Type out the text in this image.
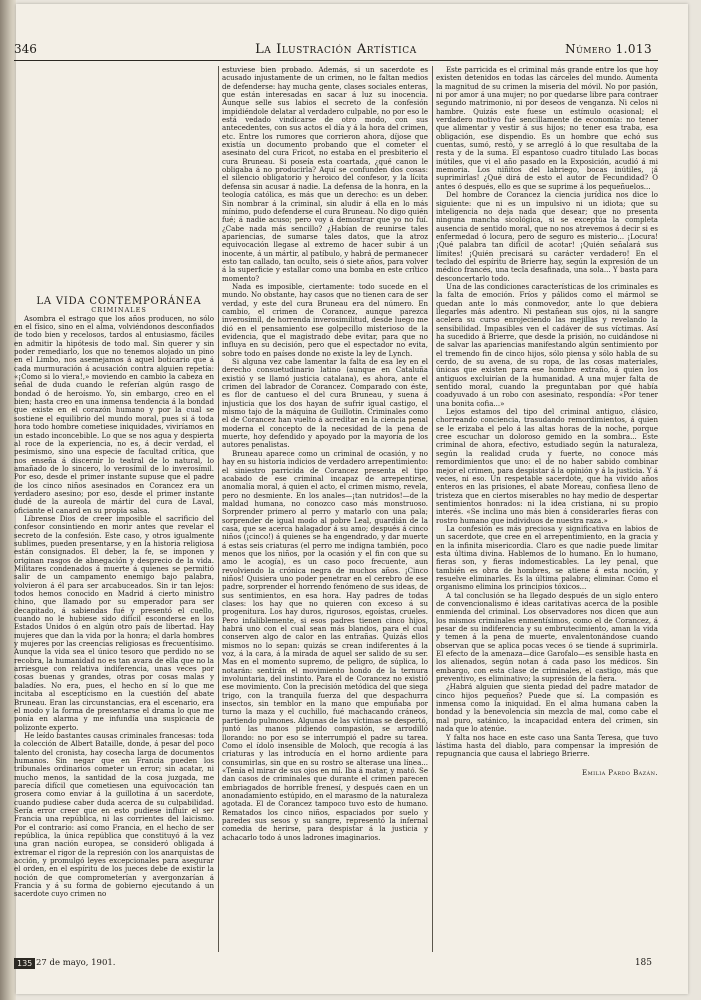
346	La Ilustración Artística	Número 1.013

LA VIDA CONTEMPORÁNEA

CRIMINALES

Asombra el estrago que los años producen, no sólo en el físico, sino en el alma, volviéndonos desconfiados de todo bien y recelosos, tardos al entusiasmo, fáciles en admitir la hipótesis de todo mal. Sin querer y sin poder remediarlo, los que no tenemos alojado un pino en el Limbo, nos asemejamos á aquel boticario que á cada murmuración á acusación contra alguien repetía: «¡Como si lo viera!,» moviendo en cambio la cabeza en señal de duda cuando le referían algún rasgo de bondad ó de heroísmo. Yo, sin embargo, creo en el bien; hasta creo en una inmensa tendencia á la bondad que existe en el corazón humano y por la cual se sostiene el equilibrio del mundo moral, pues si á toda hora todo hombre cometiese iniquidades, viviríamos en un estado inconcebible. Lo que se nos agua y despierta al roce de la experiencia, no es, á decir verdad, el pesimismo, sino una especie de facultad crítica, que nos enseña á discernir lo teatral de lo natural, lo amañado de lo sincero, lo verosímil de lo inverosímil. Por eso, desde el primer instante supuse que el padre de los cinco niños asesinados en Corancez era un verdadero asesino; por eso, desde el primer instante dudé de la aureola de mártir del cura de Laval, oficiante el canard en su propia salsa.

Líbrense Dios de creer imposible el sacrificio del confesor consintiendo en morir antes que revelar el secreto de la confesión. Este caso, y otros igualmente sublimes, pueden presentarse, y en la historia religiosa están consignados. El deber, la fe, se imponen y originan rasgos de abnegación y desprecio de la vida. Militares condenados á muerte á quienes se permitió salir de un campamento enemigo bajo palabra, volvieron á él para ser arcabuceados. Sin ir tan lejos: todos hemos conocido en Madrid á cierto ministro chino, que llamado por su emperador para ser decapitado, á sabiendas fué y presentó el cuello, cuando no le hubiese sido difícil esconderse en los Estados Unidos ó en algún otro país de libertad. Hay mujeres que dan la vida por la honra; el darla hombres y mujeres por las creencias religiosas es frecuentísimo. Aunque la vida sea el único tesoro que perdido no se recobra, la humanidad no es tan avara de ella que no la arriesgue con relativa indiferencia, unas veces por cosas buenas y grandes, otras por cosas malas y baladíes. No era, pues, el hecho en sí lo que me incitaba al escepticismo en la cuestión del abate Bruneau. Eran las circunstancias, era el escenario, era el modo y la forma de presentarse el drama lo que me ponía en alarma y me infundía una suspicacia de polizonte experto.

He leído bastantes causas criminales francesas: toda la colección de Albert Bataille, donde, á pesar del poco talento del cronista, hay cosecha larga de documentos humanos. Sin negar que en Francia pueden los tribunales ordinarios cometer un error; sin acatar, ni mucho menos, la santidad de la cosa juzgada, me parecía difícil que cometiesen una equivocación tan grosera como enviar á la guillotina á un sacerdote, cuando pudiese caber duda acerca de su culpabilidad. Sería error creer que en esto pudiese influir el ser Francia una república, ni las corrientes del laicismo. Por el contrario: así como Francia, en el hecho de ser república, la única república que constituyó á la vez una gran nación europea, se consideró obligada á extremar el rigor de la represión con los anarquistas de acción, y promulgó leyes excepcionales para asegurar el orden, en el espíritu de los jueces debe de existir la noción de que comprometerían y avergonzarían á Francia y á su forma de gobierno ejecutando á un sacerdote cuyo crimen no

estuviese bien probado. Además, si un sacerdote es acusado injustamente de un crimen, no le faltan medios de defenderse: hay mucha gente, clases sociales enteras, que están interesadas en sacar á luz su inocencia. Aunque selle sus labios el secreto de la confesión impidiéndole delatar al verdadero culpable, no por eso le está vedado vindicarse de otro modo, con sus antecedentes, con sus actos el día y á la hora del crimen, etc. Entre los rumores que corrieron ahora, díjose que existía un documento probando que el cometer el asesinato del cura Fricot, no estaba en el presbiterio el cura Bruneau. Si poseía esta coartada, ¿qué canon le obligaba á no producirla? Aquí se confunden dos cosas: el silencio obligatorio y heroico del confesor, y la lícita defensa sin acusar á nadie. La defensa de la honra, en la teología católica, es más que un derecho: es un deber. Sin nombrar á la criminal, sin aludir á ella en lo más mínimo, pudo defenderse el cura Bruneau. No digo quién fué; á nadie acuso; pero voy á demostrar que yo no fuí. ¿Cabe nada más sencillo? ¿Habían de reunirse tales apariencias, de sumarse tales datos, que la atroz equivocación llegase al extremo de hacer subir á un inocente, á un mártir, al patíbulo, y habrá de permanecer esto tan callado, tan oculto, seis ó siete años, para volver á la superficie y estallar como una bomba en este crítico momento?

Nada es imposible, ciertamente: todo sucede en el mundo. No obstante, hay casos que no tienen cara de ser verdad, y este del cura Bruneau era del número. En cambio, el crimen de Corancez, aunque parezca inverosímil, de horrenda inverosimilitud, desde luego me dió en el pensamiento ese golpecillo misterioso de la evidencia, que el magistrado debe evitar, para que no influya en su decisión, pero que el espectador no evita, sobre todo en países donde no existe la ley de Lynch.

Si alguna vez cabe lamentar la falta de esa ley en el derecho consuetudinario latino (aunque en Cataluña existió y se llamó justicia catalana), es ahora, ante el crimen del labrador de Corancez. Comparado con éste, es flor de cantueso el del cura Bruneau, y suena á injusticia que los dos hayan de sufrir igual castigo, el mismo tajo de la máquina de Guillotin. Criminales como el de Corancez han vuelto á acreditar en la ciencia penal moderna el concepto de la necesidad de la pena de muerte, hoy defendido y apoyado por la mayoría de los autores penalistas.

Bruneau aparece como un criminal de ocasión, y no hay en su historia indicios de verdadero arrepentimiento: el siniestro parricida de Corancez presenta el tipo acabado de ese criminal incapaz de arrepentirse, anomalía moral, á quien el acto, el crimen mismo, revela, pero no desmiente. En los anales—¡tan nutridos!—de la maldad humana, no conozco caso más monstruoso. Sorprender primero al perro y matarlo con una pala; sorprender de igual modo al pobre Leal, guardián de la casa, que se acerca halagador á su amo; después á cinco niños (¡cinco!) á quienes se ha engendrado, y dar muerte á estas seis criaturas (el perro me indigna también, poco menos que los niños, por la ocasión y el fin con que su amo le acogía), es un caso poco frecuente, aun revolviendo la crónica negra de muchos años. ¡Cinco niños! Quisiera uno poder penetrar en el cerebro de ese padre, sorprender el horrendo fenómeno de sus ideas, de sus sentimientos, en esa hora. Hay padres de todas clases: los hay que no quieren con exceso á su progenitura. Los hay duros, rigurosos, egoístas, crueles. Pero infaliblemente, si esos padres tienen cinco hijos, habrá uno con el cual sean más blandos, para el cual conserven algo de calor en las entrañas. Quizás ellos mismos no lo sepan: quizás se crean indiferentes á la voz, á la cara, á la mirada de aquel ser salido de su ser. Mas en el momento supremo, de peligro, de súplica, lo notarán: sentirán el movimiento hondo de la ternura involuntaria, del instinto. Para el de Corancez no existió ese movimiento. Con la precisión metódica del que siega trigo, con la tranquila fuerza del que despachurra insectos, sin temblor en la mano que empuñaba por turno la maza y el cuchillo, fué machacando cráneos, partiendo pulmones. Algunas de las víctimas se despertó, juntó las manos pidiendo compasión, se arrodilló llorando: no por eso se interrumpió el padre su tarea. Como el ídolo insensible de Moloch, que recogía á las criaturas y las introducía en el horno ardiente para consumirlas, sin que en su rostro se alterase una línea... «Tenía el mirar de sus ojos en mí. Iba á matar, y mató. Se dan casos de criminales que durante el crimen parecen embriagados de horrible frenesí, y después caen en un anonadamiento estúpido, en el marasmo de la naturaleza agotada. El de Corancez tampoco tuvo esto de humano. Rematados los cinco niños, espaciados por suelo y paredes sus sesos y su sangre, representó la infernal comedia de herirse, para despistar á la justicia y achacarlo todo á unos ladrones imaginarios.

Este parricida es el criminal más grande entre los que hoy existen detenidos en todas las cárceles del mundo. Aumenta la magnitud de su crimen la miseria del móvil. No por pasión, ni por amor á una mujer; no por quedarse libre para contraer segundo matrimonio, ni por deseos de venganza. Ni celos ni hambre. Quizás este fuese un estímulo ocasional; el verdadero motivo fué sencillamente de economía: no tener que alimentar y vestir á sus hijos; no tener esa traba, esa obligación, ese dispendio. Es un hombre que echó sus cuentas, sumó, restó, y se arregló á lo que resultaba de la resta y de la suma. El espantoso cuadro titulado Las bocas inútiles, que vi el año pasado en la Exposición, acudió á mi memoria. Los niñitos del labriego, bocas inútiles, ¡á suprimirlas! ¿Qué dirá de esto el autor de Fecundidad? O antes ó después, ello es que se suprime á los pequeñuelos...

Del hombre de Corancez la ciencia jurídica nos dice lo siguiente: que ni es un impulsivo ni un idiota; que su inteligencia no deja nada que desear; que no presenta ninguna mancha sicológica, si se exceptúa la completa ausencia de sentido moral, que no nos atrevemos á decir si es enfermedad ó locura, pero de seguro es misterio... ¡Locura! ¡Qué palabra tan difícil de acotar! ¡Quién señalará sus límites! ¡Quién precisará su carácter verdadero! En el teclado del espíritu de Brierre hay, según la expresión de un médico francés, una tecla desafinada, una sola... Y basta para desconcertarlo todo.

Una de las condiciones características de los criminales es la falta de emoción. Fríos y pálidos como el mármol se quedan ante lo más conmovedor, ante lo que debiera llegarles más adentro. Ni pestañean sus ojos, ni la sangre acelera su curso enrojeciendo las mejillas y revelando la sensibilidad. Impasibles ven el cadáver de sus víctimas. Así ha sucedido á Brierre, que desde la prisión, no cuidándose ni de salvar las apariencias manifestando algún sentimiento por el tremendo fin de cinco hijos, sólo piensa y sólo habla de su cerdo, de su avena, de su ropa, de las cosas materiales, únicas que existen para ese hombre extraño, á quien los antiguos excluirían de la humanidad. A una mujer falta de sentido moral, cuando la preguntaban por qué había coadyuvado á un robo con asesinato, respondía: «Por tener una bonita cofia...»

Lejos estamos del tipo del criminal antiguo, clásico, chorreando conciencia, trasudando remordimientos, á quien se le erizaba el pelo á las altas horas de la noche, porque cree escuchar un doloroso gemido en la sombra... Este criminal de ahora, efectivo, estudiado según la naturaleza, según la realidad cruda y fuerte, no conoce más remordimientos que uno: el de no haber sabido combinar mejor el crimen, para despistar á la opinión y á la justicia. Y á veces, ni eso. Un respetable sacerdote, que ha vivido años enteros en las prisiones, el abate Moreau, confiesa lleno de tristeza que en ciertos miserables no hay medio de despertar sentimientos honrados: ni la idea cristiana, ni su propio interés. «Se inclina uno más bien á considerarles fieras con rostro humano que individuos de nuestra raza.»

La confesión es más preciosa y significativa en labios de un sacerdote, que cree en el arrepentimiento, en la gracia y en la infinita misericordia. Claro es que nadie puede limitar esta última divina. Hablemos de lo humano. En lo humano, fieras son, y fieras indomesticables. La ley penal, que también es obra de hombres, se atiene á esta noción, y resuelve eliminarles. Es la última palabra; eliminar. Como el organismo elimina los principios tóxicos...

A tal conclusión se ha llegado después de un siglo entero de convencionalismo é ideas caritativas acerca de la posible enmienda del criminal. Los observadores nos dicen que aun los mismos criminales enmentísimos, como el de Corancez, á pesar de su indiferencia y su embrutecimiento, aman la vida y temen á la pena de muerte, envalentonándose cuando observan que se aplica pocas veces ó se tiende á suprimirla. El efecto de la amenaza—dice Garofalo—es sensible hasta en los alienados, según notan á cada paso los médicos. Sin embargo, con esta clase de criminales, el castigo, más que preventivo, es eliminativo; la supresión de la fiera.

¿Habrá alguien que sienta piedad del padre matador de cinco hijos pequeños? Puede que sí. La compasión es inmensa como la iniquidad. En el alma humana caben la bondad y la benevolencia sin mezcla de mal, como cabe el mal puro, satánico, la incapacidad entera del crimen, sin nada que lo atenúe.

Y falta nos hace en este caso una Santa Teresa, que tuvo lástima hasta del diablo, para compensar la impresión de repugnancia que causa el labriego Brierre.

Emilia Pardo Bazán.

135 27 de mayo, 1901.	185
